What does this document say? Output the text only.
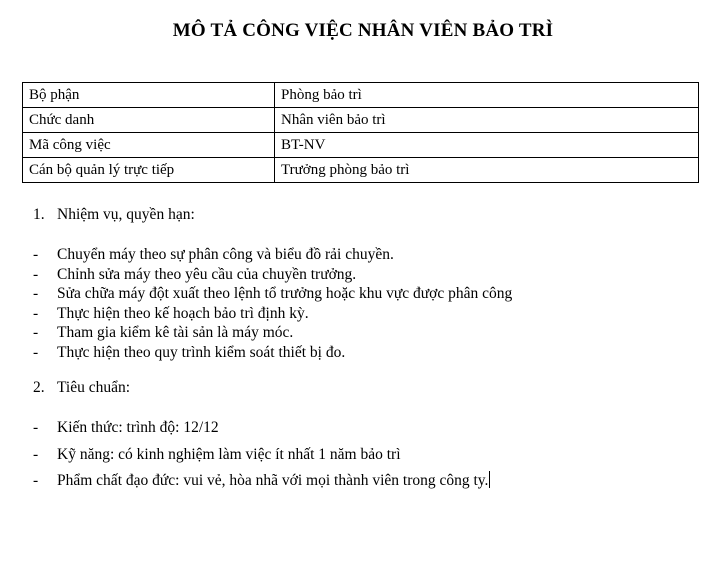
MÔ TẢ CÔNG VIỆC NHÂN VIÊN BẢO TRÌ
Bộ phận	Phòng bảo trì
Chức danh	Nhân viên bảo trì
Mã công việc	BT-NV
Cán bộ quản lý trực tiếp	Trưởng phòng bảo trì
1. Nhiệm vụ, quyền hạn:
- Chuyển máy theo sự phân công và biểu đồ rải chuyền.
- Chỉnh sửa máy theo yêu cầu của chuyền trưởng.
- Sửa chữa máy đột xuất theo lệnh tổ trưởng hoặc khu vực được phân công
- Thực hiện theo kế hoạch bảo trì định kỳ.
- Tham gia kiểm kê tài sản là máy móc.
- Thực hiện theo quy trình kiểm soát thiết bị đo.
2. Tiêu chuẩn:
- Kiến thức: trình độ: 12/12
- Kỹ năng: có kinh nghiệm làm việc ít nhất 1 năm bảo trì
- Phẩm chất đạo đức: vui vẻ, hòa nhã với mọi thành viên trong công ty.
